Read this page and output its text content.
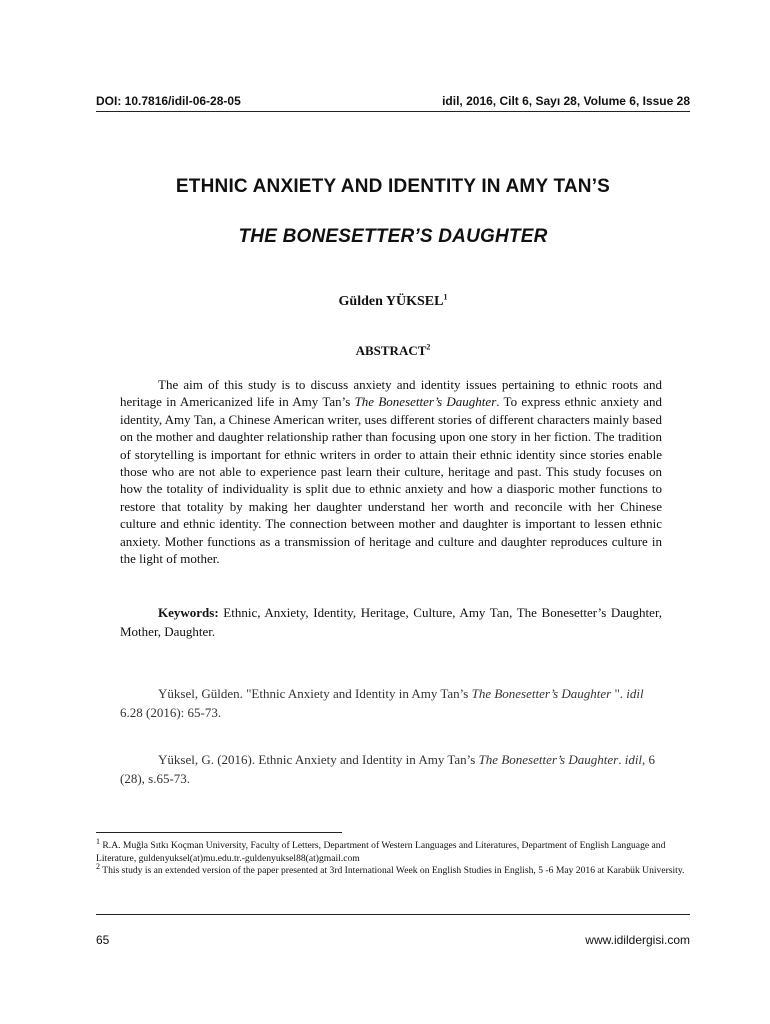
DOI: 10.7816/idil-06-28-05	idil, 2016, Cilt 6, Sayı 28, Volume 6, Issue 28
ETHNIC ANXIETY AND IDENTITY IN AMY TAN’S
THE BONESETTER’S DAUGHTER
Gülden YÜKSEL$^1$
ABSTRACT$^2$

The aim of this study is to discuss anxiety and identity issues pertaining to ethnic roots and heritage in Americanized life in Amy Tan’s The Bonesetter’s Daughter. To express ethnic anxiety and identity, Amy Tan, a Chinese American writer, uses different stories of different characters mainly based on the mother and daughter relationship rather than focusing upon one story in her fiction. The tradition of storytelling is important for ethnic writers in order to attain their ethnic identity since stories enable those who are not able to experience past learn their culture, heritage and past. This study focuses on how the totality of individuality is split due to ethnic anxiety and how a diasporic mother functions to restore that totality by making her daughter understand her worth and reconcile with her Chinese culture and ethnic identity. The connection between mother and daughter is important to lessen ethnic anxiety. Mother functions as a transmission of heritage and culture and daughter reproduces culture in the light of mother.

Keywords: Ethnic, Anxiety, Identity, Heritage, Culture, Amy Tan, The Bonesetter’s Daughter, Mother, Daughter.

Yüksel, Gülden. "Ethnic Anxiety and Identity in Amy Tan’s The Bonesetter’s Daughter ". idil 6.28 (2016): 65-73.

Yüksel, G. (2016). Ethnic Anxiety and Identity in Amy Tan’s The Bonesetter’s Daughter. idil, 6 (28), s.65-73.

$^1$ R.A. Muğla Sıtkı Koçman University, Faculty of Letters, Department of Western Languages and Literatures, Department of English Language and Literature, guldenyuksel(at)mu.edu.tr.-guldenyuksel88(at)gmail.com

$^2$ This study is an extended version of the paper presented at 3rd International Week on English Studies in English, 5 -6 May 2016 at Karabük University.

65	www.idildergisi.com
